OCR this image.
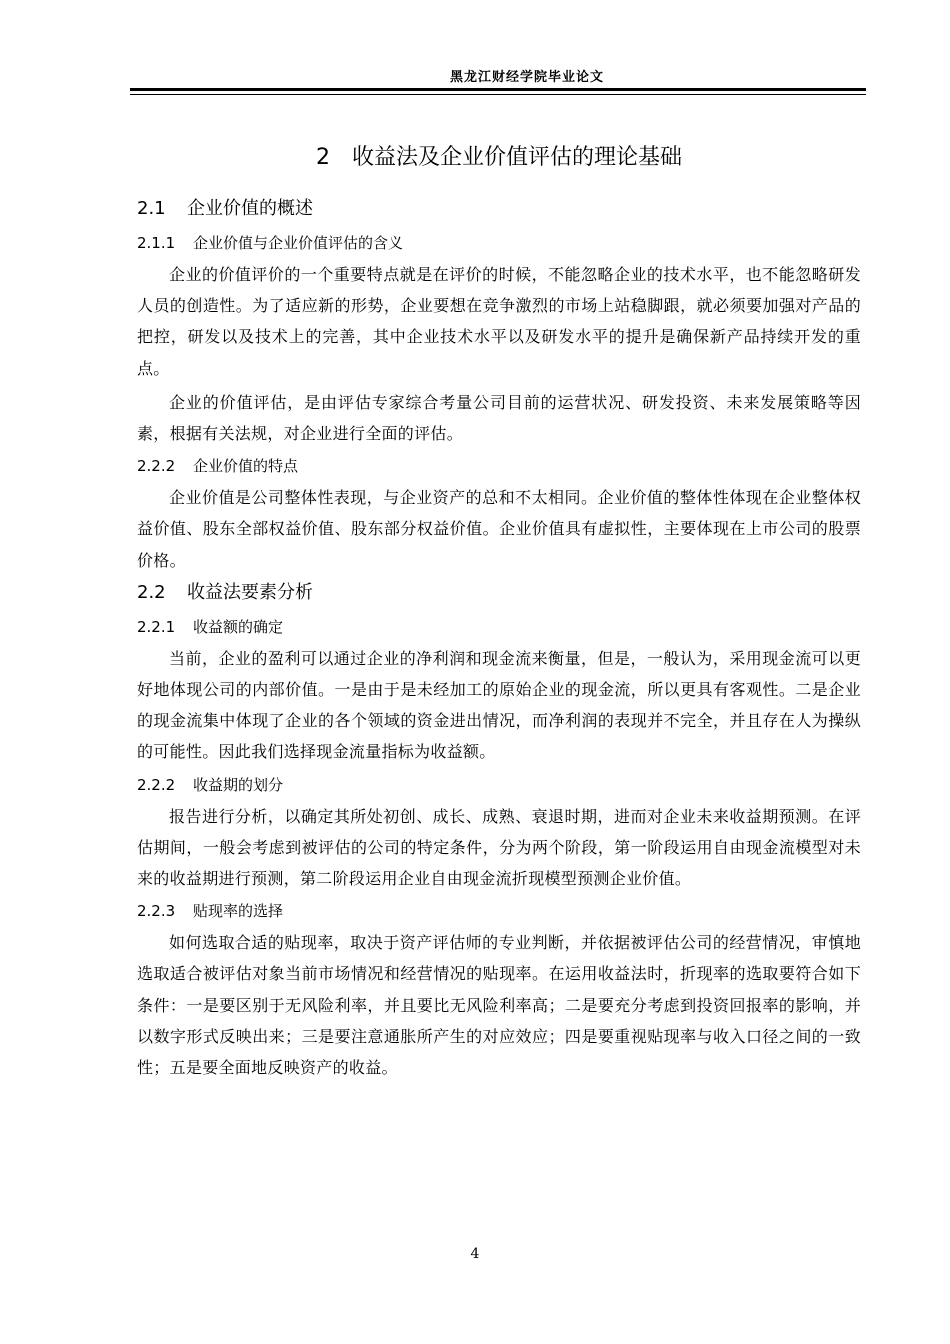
黑龙江财经学院毕业论文
2 收益法及企业价值评估的理论基础
2.1 企业价值的概述
2.1.1 企业价值与企业价值评估的含义

企业的价值评价的一个重要特点就是在评价的时候，不能忽略企业的技术水平，也不能忽略研发人员的创造性。为了适应新的形势，企业要想在竞争激烈的市场上站稳脚跟，就必须要加强对产品的把控，研发以及技术上的完善，其中企业技术水平以及研发水平的提升是确保新产品持续开发的重点。

企业的价值评估，是由评估专家综合考量公司目前的运营状况、研发投资、未来发展策略等因素，根据有关法规，对企业进行全面的评估。

2.2.2 企业价值的特点

企业价值是公司整体性表现，与企业资产的总和不太相同。企业价值的整体性体现在企业整体权益价值、股东全部权益价值、股东部分权益价值。企业价值具有虚拟性，主要体现在上市公司的股票价格。

2.2 收益法要素分析
2.2.1 收益额的确定

当前，企业的盈利可以通过企业的净利润和现金流来衡量，但是，一般认为，采用现金流可以更好地体现公司的内部价值。一是由于是未经加工的原始企业的现金流，所以更具有客观性。二是企业的现金流集中体现了企业的各个领域的资金进出情况，而净利润的表现并不完全，并且存在人为操纵的可能性。因此我们选择现金流量指标为收益额。

2.2.2 收益期的划分

报告进行分析，以确定其所处初创、成长、成熟、衰退时期，进而对企业未来收益期预测。在评估期间，一般会考虑到被评估的公司的特定条件，分为两个阶段，第一阶段运用自由现金流模型对未来的收益期进行预测，第二阶段运用企业自由现金流折现模型预测企业价值。

2.2.3 贴现率的选择

如何选取合适的贴现率，取决于资产评估师的专业判断，并依据被评估公司的经营情况，审慎地选取适合被评估对象当前市场情况和经营情况的贴现率。在运用收益法时，折现率的选取要符合如下条件：一是要区别于无风险利率，并且要比无风险利率高；二是要充分考虑到投资回报率的影响，并以数字形式反映出来；三是要注意通胀所产生的对应效应；四是要重视贴现率与收入口径之间的一致性；五是要全面地反映资产的收益。

4
